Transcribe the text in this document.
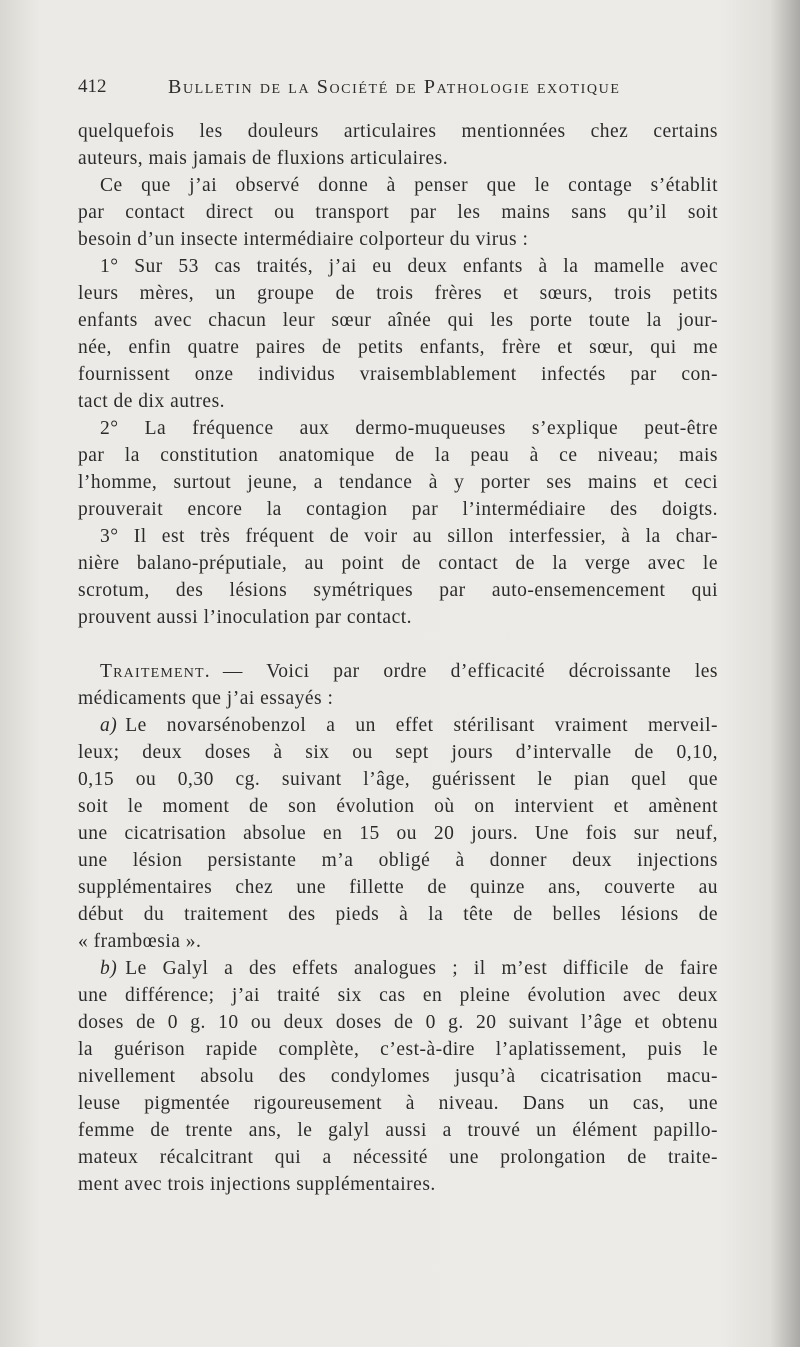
412	Bulletin de la Société de Pathologie exotique
quelquefois les douleurs articulaires mentionnées chez certains
auteurs, mais jamais de fluxions articulaires.
Ce que j’ai observé donne à penser que le contage s’établit
par contact direct ou transport par les mains sans qu’il soit
besoin d’un insecte intermédiaire colporteur du virus :
1° Sur 53 cas traités, j’ai eu deux enfants à la mamelle avec
leurs mères, un groupe de trois frères et sœurs, trois petits
enfants avec chacun leur sœur aînée qui les porte toute la jour-
née, enfin quatre paires de petits enfants, frère et sœur, qui me
fournissent onze individus vraisemblablement infectés par con-
tact de dix autres.
2° La fréquence aux dermo-muqueuses s’explique peut-être
par la constitution anatomique de la peau à ce niveau; mais
l’homme, surtout jeune, a tendance à y porter ses mains et ceci
prouverait encore la contagion par l’intermédiaire des doigts.
3° Il est très fréquent de voir au sillon interfessier, à la char-
nière balano-préputiale, au point de contact de la verge avec le
scrotum, des lésions symétriques par auto-ensemencement qui
prouvent aussi l’inoculation par contact.
Traitement. — Voici par ordre d’efficacité décroissante les
médicaments que j’ai essayés :
a) Le novarsénobenzol a un effet stérilisant vraiment merveil-
leux; deux doses à six ou sept jours d’intervalle de 0,10,
0,15 ou 0,30 cg. suivant l’âge, guérissent le pian quel que
soit le moment de son évolution où on intervient et amènent
une cicatrisation absolue en 15 ou 20 jours. Une fois sur neuf,
une lésion persistante m’a obligé à donner deux injections
supplémentaires chez une fillette de quinze ans, couverte au
début du traitement des pieds à la tête de belles lésions de
« frambœsia ».
b) Le Galyl a des effets analogues ; il m’est difficile de faire
une différence; j’ai traité six cas en pleine évolution avec deux
doses de 0 g. 10 ou deux doses de 0 g. 20 suivant l’âge et obtenu
la guérison rapide complète, c’est-à-dire l’aplatissement, puis le
nivellement absolu des condylomes jusqu’à cicatrisation macu-
leuse pigmentée rigoureusement à niveau. Dans un cas, une
femme de trente ans, le galyl aussi a trouvé un élément papillo-
mateux récalcitrant qui a nécessité une prolongation de traite-
ment avec trois injections supplémentaires.
